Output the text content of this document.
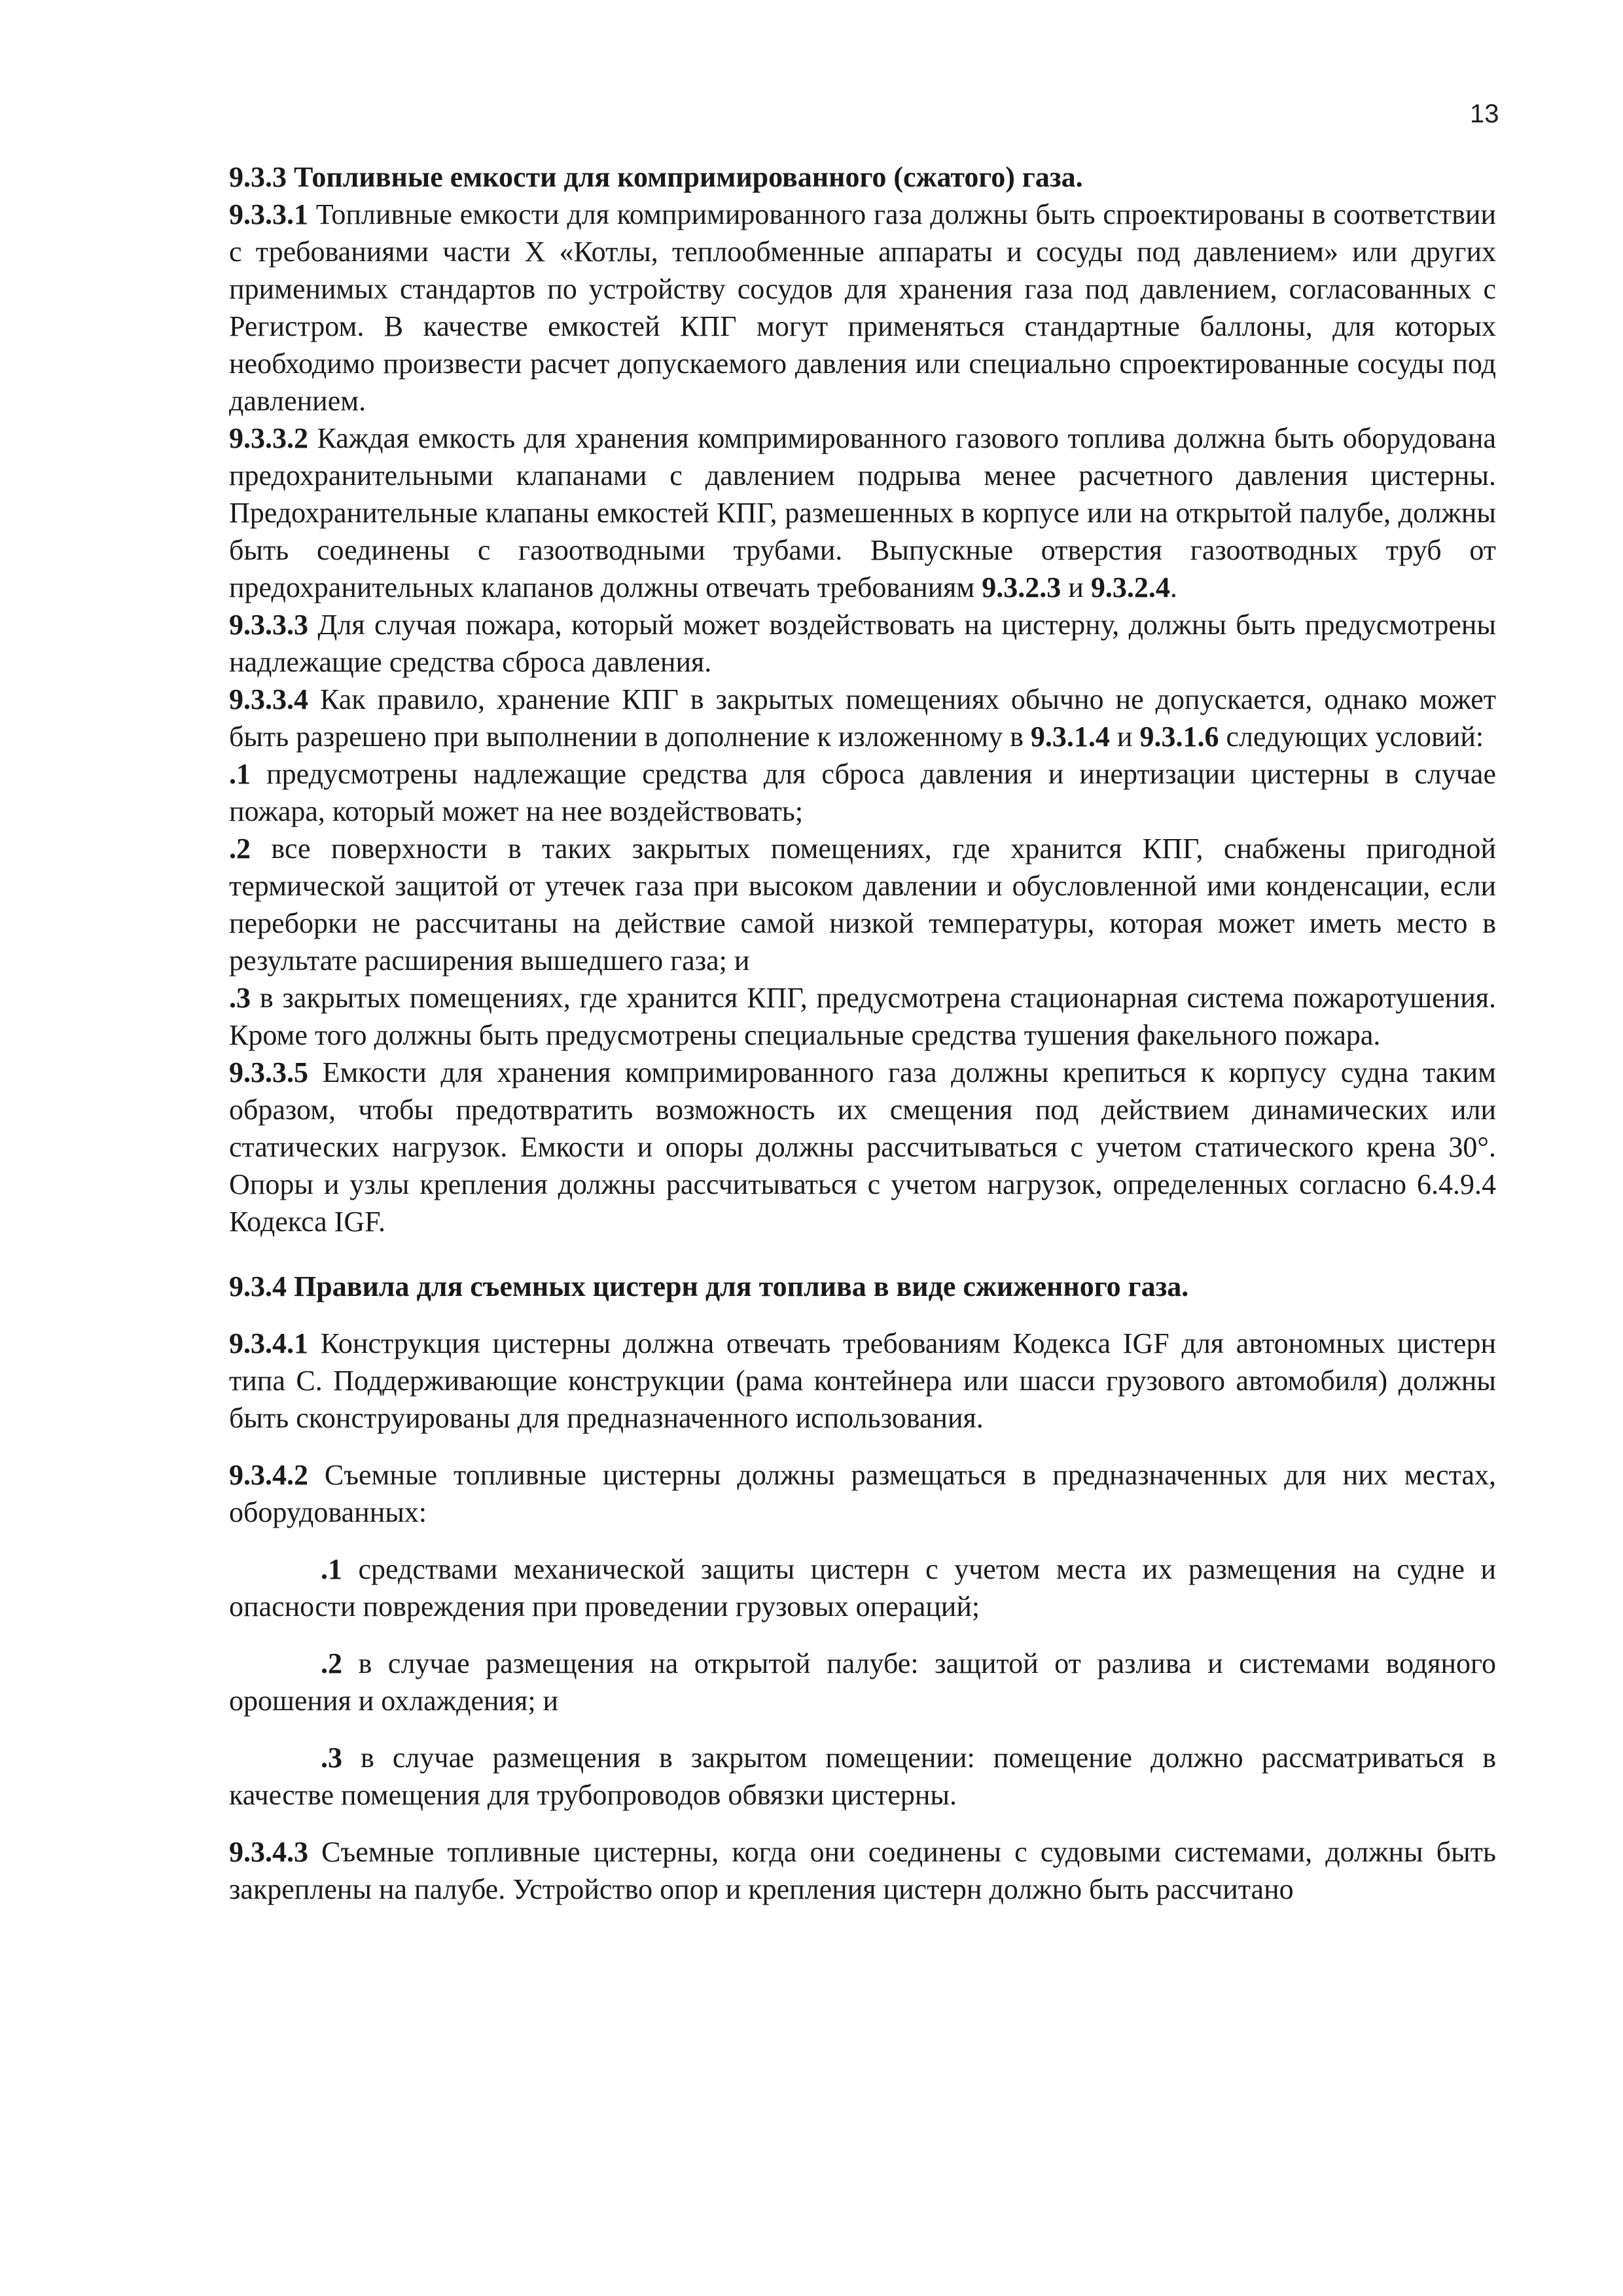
13

9.3.3 Топливные емкости для компримированного (сжатого) газа.

9.3.3.1 Топливные емкости для компримированного газа должны быть спроектированы в соответствии с требованиями части X «Котлы, теплообменные аппараты и сосуды под давлением» или других применимых стандартов по устройству сосудов для хранения газа под давлением, согласованных с Регистром. В качестве емкостей КПГ могут применяться стандартные баллоны, для которых необходимо произвести расчет допускаемого давления или специально спроектированные сосуды под давлением.

9.3.3.2 Каждая емкость для хранения компримированного газового топлива должна быть оборудована предохранительными клапанами с давлением подрыва менее расчетного давления цистерны. Предохранительные клапаны емкостей КПГ, размешенных в корпусе или на открытой палубе, должны быть соединены с газоотводными трубами. Выпускные отверстия газоотводных труб от предохранительных клапанов должны отвечать требованиям 9.3.2.3 и 9.3.2.4.

9.3.3.3 Для случая пожара, который может воздействовать на цистерну, должны быть предусмотрены надлежащие средства сброса давления.

9.3.3.4 Как правило, хранение КПГ в закрытых помещениях обычно не допускается, однако может быть разрешено при выполнении в дополнение к изложенному в 9.3.1.4 и 9.3.1.6 следующих условий:

.1 предусмотрены надлежащие средства для сброса давления и инертизации цистерны в случае пожара, который может на нее воздействовать;

.2 все поверхности в таких закрытых помещениях, где хранится КПГ, снабжены пригодной термической защитой от утечек газа при высоком давлении и обусловленной ими конденсации, если переборки не рассчитаны на действие самой низкой температуры, которая может иметь место в результате расширения вышедшего газа; и

.3 в закрытых помещениях, где хранится КПГ, предусмотрена стационарная система пожаротушения. Кроме того должны быть предусмотрены специальные средства тушения факельного пожара.

9.3.3.5 Емкости для хранения компримированного газа должны крепиться к корпусу судна таким образом, чтобы предотвратить возможность их смещения под действием динамических или статических нагрузок. Емкости и опоры должны рассчитываться с учетом статического крена 30°. Опоры и узлы крепления должны рассчитываться с учетом нагрузок, определенных согласно 6.4.9.4 Кодекса IGF.

9.3.4 Правила для съемных цистерн для топлива в виде сжиженного газа.

9.3.4.1 Конструкция цистерны должна отвечать требованиям Кодекса IGF для автономных цистерн типа С. Поддерживающие конструкции (рама контейнера или шасси грузового автомобиля) должны быть сконструированы для предназначенного использования.

9.3.4.2 Съемные топливные цистерны должны размещаться в предназначенных для них местах, оборудованных:

.1 средствами механической защиты цистерн с учетом места их размещения на судне и опасности повреждения при проведении грузовых операций;

.2 в случае размещения на открытой палубе: защитой от разлива и системами водяного орошения и охлаждения; и

.3 в случае размещения в закрытом помещении: помещение должно рассматриваться в качестве помещения для трубопроводов обвязки цистерны.

9.3.4.3 Съемные топливные цистерны, когда они соединены с судовыми системами, должны быть закреплены на палубе. Устройство опор и крепления цистерн должно быть рассчитано
